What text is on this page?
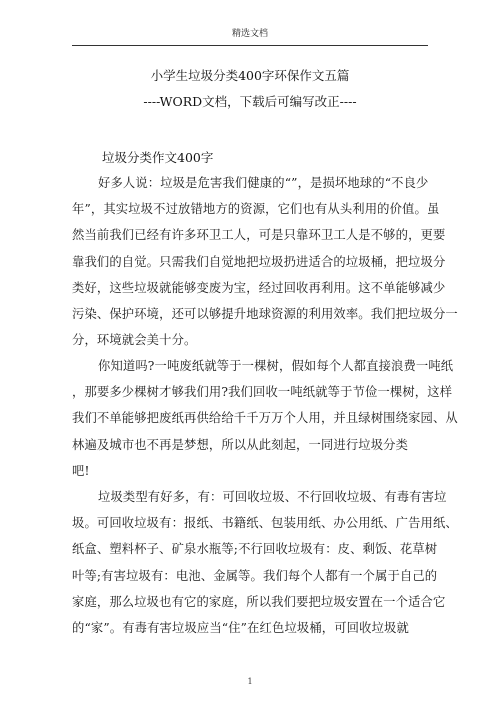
精选文档
小学生垃圾分类400字环保作文五篇
----WORD文档，下载后可编写改正----
垃圾分类作文400字
好多人说：垃圾是危害我们健康的“”，是损坏地球的“不良少
年”，其实垃圾不过放错地方的资源，它们也有从头利用的价值。虽
然当前我们已经有许多环卫工人，可是只靠环卫工人是不够的，更要
靠我们的自觉。只需我们自觉地把垃圾扔进适合的垃圾桶，把垃圾分
类好，这些垃圾就能够变废为宝，经过回收再利用。这不单能够减少
污染、保护环境，还可以够提升地球资源的利用效率。我们把垃圾分一
分，环境就会美十分。
你知道吗?一吨废纸就等于一棵树，假如每个人都直接浪费一吨纸
，那要多少棵树才够我们用?我们回收一吨纸就等于节俭一棵树，这样
我们不单能够把废纸再供给给千千万万个人用，并且绿树围绕家园、从
林遍及城市也不再是梦想，所以从此刻起，一同进行垃圾分类
吧!
垃圾类型有好多，有：可回收垃圾、不行回收垃圾、有毒有害垃
圾。可回收垃圾有：报纸、书籍纸、包装用纸、办公用纸、广告用纸、
纸盒、塑料杯子、矿泉水瓶等;不行回收垃圾有：皮、剩饭、花草树
叶等;有害垃圾有：电池、金属等。我们每个人都有一个属于自己的
家庭，那么垃圾也有它的家庭，所以我们要把垃圾安置在一个适合它
的“家”。有毒有害垃圾应当“住”在红色垃圾桶，可回收垃圾就
1
